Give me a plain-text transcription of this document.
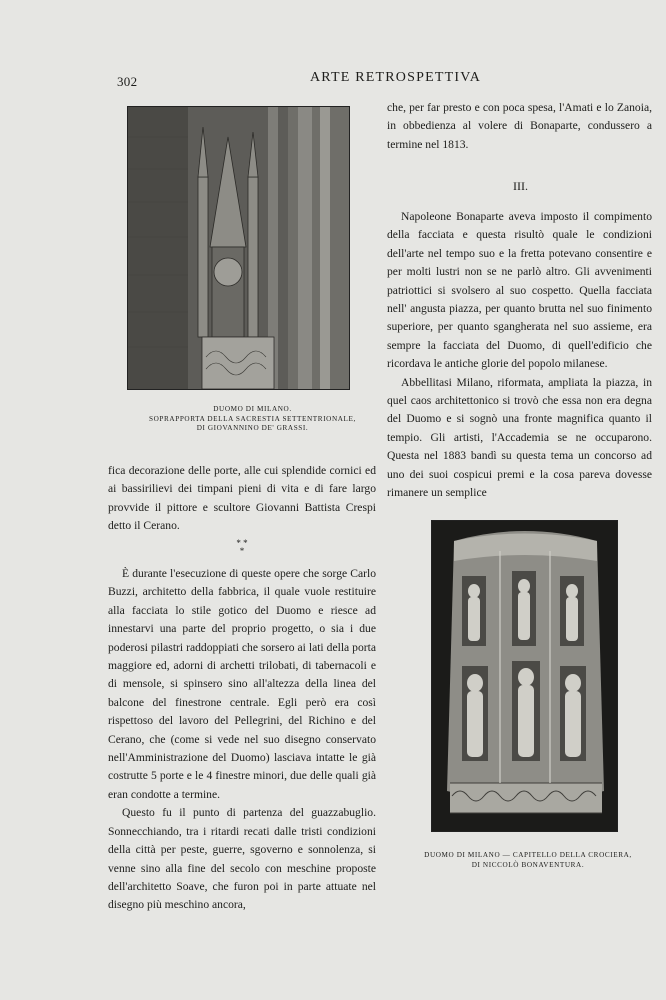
302	ARTE RETROSPETTIVA
DUOMO DI MILANO.
SOPRAPPORTA DELLA SACRESTIA SETTENTRIONALE,
DI GIOVANNINO DE' GRASSI.

che, per far presto e con poca spesa, l'Amati e lo Zanoia, in obbedienza al volere di Bonaparte, condussero a termine nel 1813.

III.

Napoleone Bonaparte aveva imposto il compimento della facciata e questa risultò quale le condizioni dell'arte nel tempo suo e la fretta potevano consentire e per molti lustri non se ne parlò altro. Gli avvenimenti patriottici si svolsero al suo cospetto. Quella facciata nell' angusta piazza, per quanto brutta nel suo finimento superiore, per quanto sgangherata nel suo assieme, era sempre la facciata del Duomo, di quell'edificio che ricordava le antiche glorie del popolo milanese.

Abbellitasi Milano, riformata, ampliata la piazza, in quel caos architettonico si trovò che essa non era degna del Duomo e si sognò una fronte magnifica quanto il tempio. Gli artisti, l'Accademia se ne occuparono. Questa nel 1883 bandì su questa tema un concorso ad uno dei suoi cospicui premi e la cosa pareva dovesse rimanere un semplice

fica decorazione delle porte, alle cui splendide cornici ed ai bassirilievi dei timpani pieni di vita e di fare largo provvide il pittore e scultore Giovanni Battista Crespi detto il Cerano.

* * *

È durante l'esecuzione di queste opere che sorge Carlo Buzzi, architetto della fabbrica, il quale vuole restituire alla facciata lo stile gotico del Duomo e riesce ad innestarvi una parte del proprio progetto, o sia i due poderosi pilastri raddoppiati che sorsero ai lati della porta maggiore ed, adorni di archetti trilobati, di tabernacoli e di mensole, si spinsero sino all'altezza della linea del balcone del finestrone centrale. Egli però era così rispettoso del lavoro del Pellegrini, del Richino e del Cerano, che (come si vede nel suo disegno conservato nell'Amministrazione del Duomo) lasciava intatte le già costrutte 5 porte e le 4 finestre minori, due delle quali già eran condotte a termine.

Questo fu il punto di partenza del guazzabuglio. Sonnecchiando, tra i ritardi recati dalle tristi condizioni della città per peste, guerre, sgoverno e sonnolenza, si venne sino alla fine del secolo con meschine proposte dell'architetto Soave, che furon poi in parte attuate nel disegno più meschino ancora,

DUOMO DI MILANO — CAPITELLO DELLA CROCIERA,
DI NICCOLÒ BONAVENTURA.
